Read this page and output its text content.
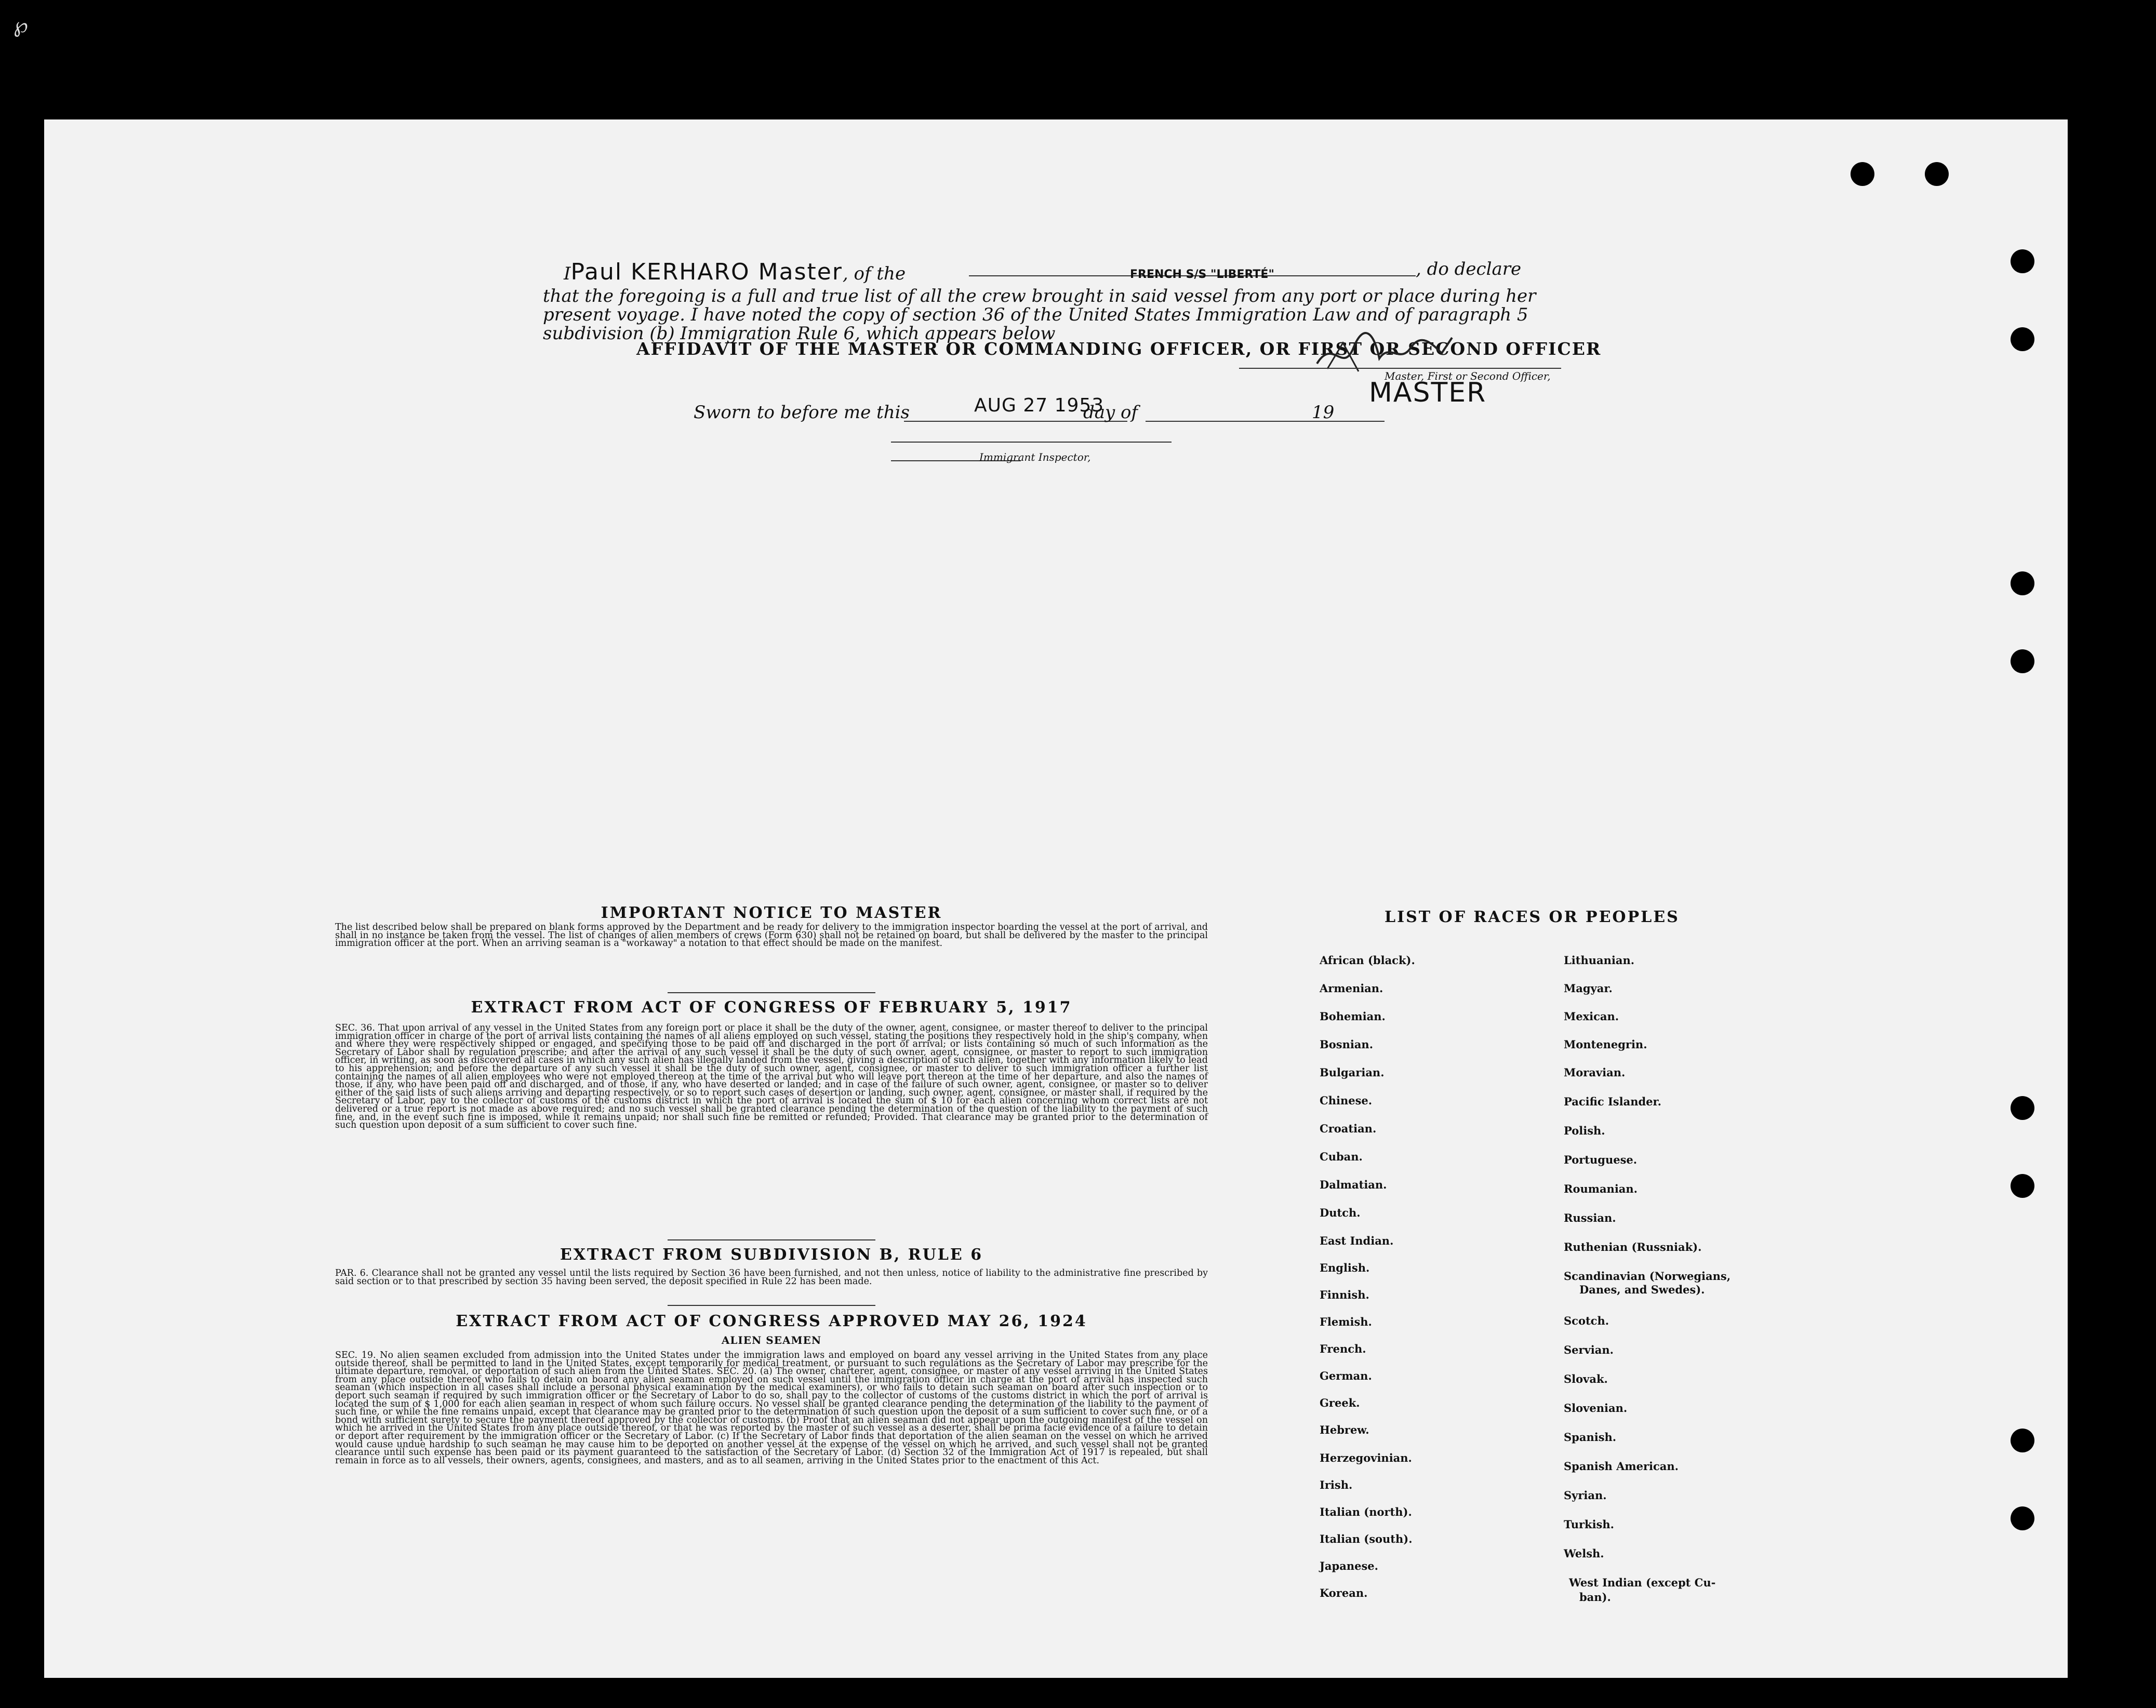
℘
AFFIDAVIT OF THE MASTER OR COMMANDING OFFICER, OR FIRST OR SECOND OFFICER
IPaul KERHARO Master, of the	FRENCH S/S "LIBERTÉ"	, do declare
that the foregoing is a full and true list of all the crew brought in said vessel from any port or place during her
present voyage. I have noted the copy of section 36 of the United States Immigration Law and of paragraph 5
subdivision (b) Immigration Rule 6, which appears below
Master, First or Second Officer,
MASTER
Sworn to before me this	AUG 27 1953
day of	19
Immigrant Inspector,
IMPORTANT NOTICE TO MASTER
The list described below shall be prepared on blank forms approved by the Department and be ready for delivery to the immigration inspector boarding the vessel at the port of arrival, and shall in no instance be taken from the vessel. The list of changes of alien members of crews (Form 630) shall not be retained on board, but shall be delivered by the master to the principal immigration officer at the port. When an arriving seaman is a "workaway" a notation to that effect should be made on the manifest.
EXTRACT FROM ACT OF CONGRESS OF FEBRUARY 5, 1917
SEC. 36. That upon arrival of any vessel in the United States from any foreign port or place it shall be the duty of the owner, agent, consignee, or master thereof to deliver to the principal immigration officer in charge of the port of arrival lists containing the names of all aliens employed on such vessel, stating the positions they respectively hold in the ship's company, when and where they were respectively shipped or engaged, and specifying those to be paid off and discharged in the port of arrival; or lists containing so much of such information as the Secretary of Labor shall by regulation prescribe; and after the arrival of any such vessel it shall be the duty of such owner, agent, consignee, or master to report to such immigration officer, in writing, as soon as discovered all cases in which any such alien has illegally landed from the vessel, giving a description of such alien, together with any information likely to lead to his apprehension; and before the departure of any such vessel it shall be the duty of such owner, agent, consignee, or master to deliver to such immigration officer a further list containing the names of all alien employees who were not employed thereon at the time of the arrival but who will leave port thereon at the time of her departure, and also the names of those, if any, who have been paid off and discharged, and of those, if any, who have deserted or landed; and in case of the failure of such owner, agent, consignee, or master so to deliver either of the said lists of such aliens arriving and departing respectively, or so to report such cases of desertion or landing, such owner, agent, consignee, or master shall, if required by the Secretary of Labor, pay to the collector of customs of the customs district in which the port of arrival is located the sum of $ 10 for each alien concerning whom correct lists are not delivered or a true report is not made as above required; and no such vessel shall be granted clearance pending the determination of the question of the liability to the payment of such fine, and, in the event such fine is imposed, while it remains unpaid; nor shall such fine be remitted or refunded; Provided. That clearance may be granted prior to the determination of such question upon deposit of a sum sufficient to cover such fine.
EXTRACT FROM SUBDIVISION B, RULE 6
PAR. 6. Clearance shall not be granted any vessel until the lists required by Section 36 have been furnished, and not then unless, notice of liability to the administrative fine prescribed by said section or to that prescribed by section 35 having been served, the deposit specified in Rule 22 has been made.
EXTRACT FROM ACT OF CONGRESS APPROVED MAY 26, 1924
ALIEN SEAMEN
SEC. 19. No alien seamen excluded from admission into the United States under the immigration laws and employed on board any vessel arriving in the United States from any place outside thereof, shall be permitted to land in the United States, except temporarily for medical treatment, or pursuant to such regulations as the Secretary of Labor may prescribe for the ultimate departure, removal, or deportation of such alien from the United States. SEC. 20. (a) The owner, charterer, agent, consignee, or master of any vessel arriving in the United States from any place outside thereof who fails to detain on board any alien seaman employed on such vessel until the immigration officer in charge at the port of arrival has inspected such seaman (which inspection in all cases shall include a personal physical examination by the medical examiners), or who fails to detain such seaman on board after such inspection or to deport such seaman if required by such immigration officer or the Secretary of Labor to do so, shall pay to the collector of customs of the customs district in which the port of arrival is located the sum of $ 1,000 for each alien seaman in respect of whom such failure occurs. No vessel shall be granted clearance pending the determination of the liability to the payment of such fine, or while the fine remains unpaid, except that clearance may be granted prior to the determination of such question upon the deposit of a sum sufficient to cover such fine, or of a bond with sufficient surety to secure the payment thereof approved by the collector of customs. (b) Proof that an alien seaman did not appear upon the outgoing manifest of the vessel on which he arrived in the United States from any place outside thereof, or that he was reported by the master of such vessel as a deserter, shall be prima facie evidence of a failure to detain or deport after requirement by the immigration officer or the Secretary of Labor. (c) If the Secretary of Labor finds that deportation of the alien seaman on the vessel on which he arrived would cause undue hardship to such seaman he may cause him to be deported on another vessel at the expense of the vessel on which he arrived, and such vessel shall not be granted clearance until such expense has been paid or its payment guaranteed to the satisfaction of the Secretary of Labor. (d) Section 32 of the Immigration Act of 1917 is repealed, but shall remain in force as to all vessels, their owners, agents, consignees, and masters, and as to all seamen, arriving in the United States prior to the enactment of this Act.
LIST OF RACES OR PEOPLES
African (black).
Armenian.
Bohemian.
Bosnian.
Bulgarian.
Chinese.
Croatian.
Cuban.
Dalmatian.
Dutch.
East Indian.
English.
Finnish.
Flemish.
French.
German.
Greek.
Hebrew.
Herzegovinian.
Irish.
Italian (north).
Italian (south).
Japanese.
Korean.
Lithuanian.
Magyar.
Mexican.
Montenegrin.
Moravian.
Pacific Islander.
Polish.
Portuguese.
Roumanian.
Russian.
Ruthenian (Russniak).
Scandinavian (Norwegians,
Danes, and Swedes).
Scotch.
Servian.
Slovak.
Slovenian.
Spanish.
Spanish American.
Syrian.
Turkish.
Welsh.
West Indian (except Cu-
ban).
